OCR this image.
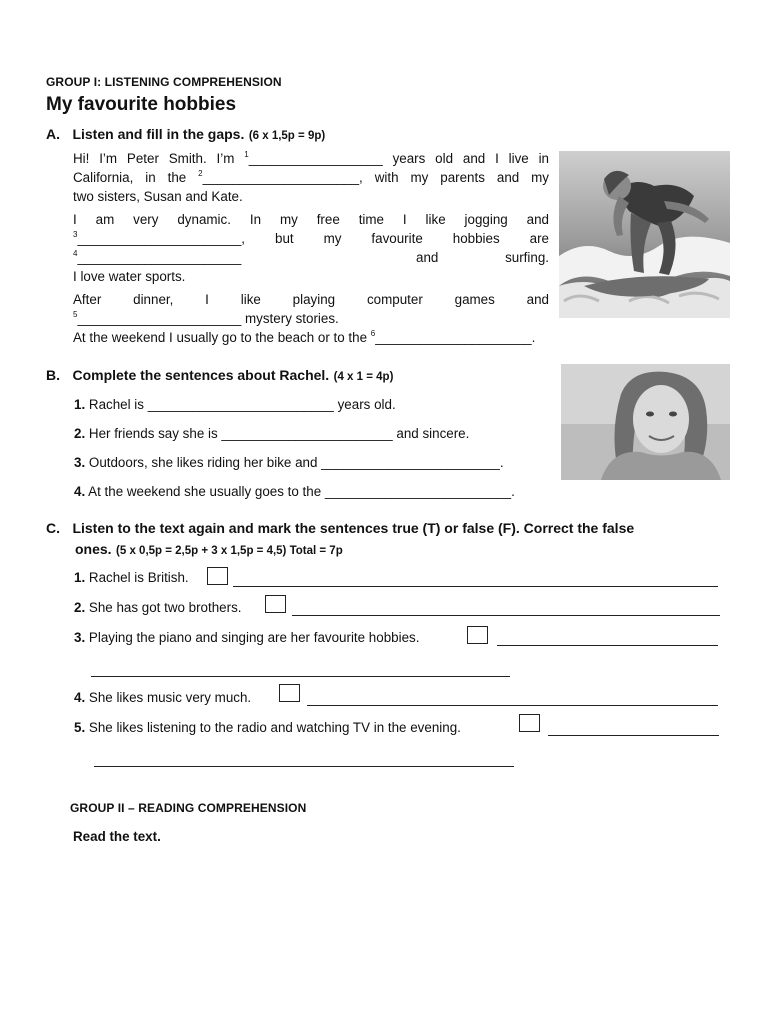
GROUP I: LISTENING COMPREHENSION
My favourite hobbies
A. Listen and fill in the gaps. (6 x 1,5p = 9p)

Hi! I’m Peter Smith. I’m $^1$__________________ years old and I live in

California, in the $^2$_____________________, with my parents and my

two sisters, Susan and Kate.

I am very dynamic. In my free time I like jogging and

$^3$______________________, but my favourite hobbies are

$^4$______________________	and	surfing.

I love water sports.

After dinner, I like playing computer games and

$^5$______________________ mystery stories.

At the weekend I usually go to the beach or to the $^6$_____________________.

B. Complete the sentences about Rachel. (4 x 1 = 4p)
1. Rachel is _________________________ years old.
2. Her friends say she is _______________________ and sincere.
3. Outdoors, she likes riding her bike and ________________________.
4. At the weekend she usually goes to the _________________________.
C. Listen to the text again and mark the sentences true (T) or false (F). Correct the false
ones. (5 x 0,5p = 2,5p + 3 x 1,5p = 4,5) Total = 7p
1. Rachel is British.
2. She has got two brothers.
3. Playing the piano and singing are her favourite hobbies.
4. She likes music very much.
5. She likes listening to the radio and watching TV in the evening.
GROUP II – READING COMPREHENSION
Read the text.
